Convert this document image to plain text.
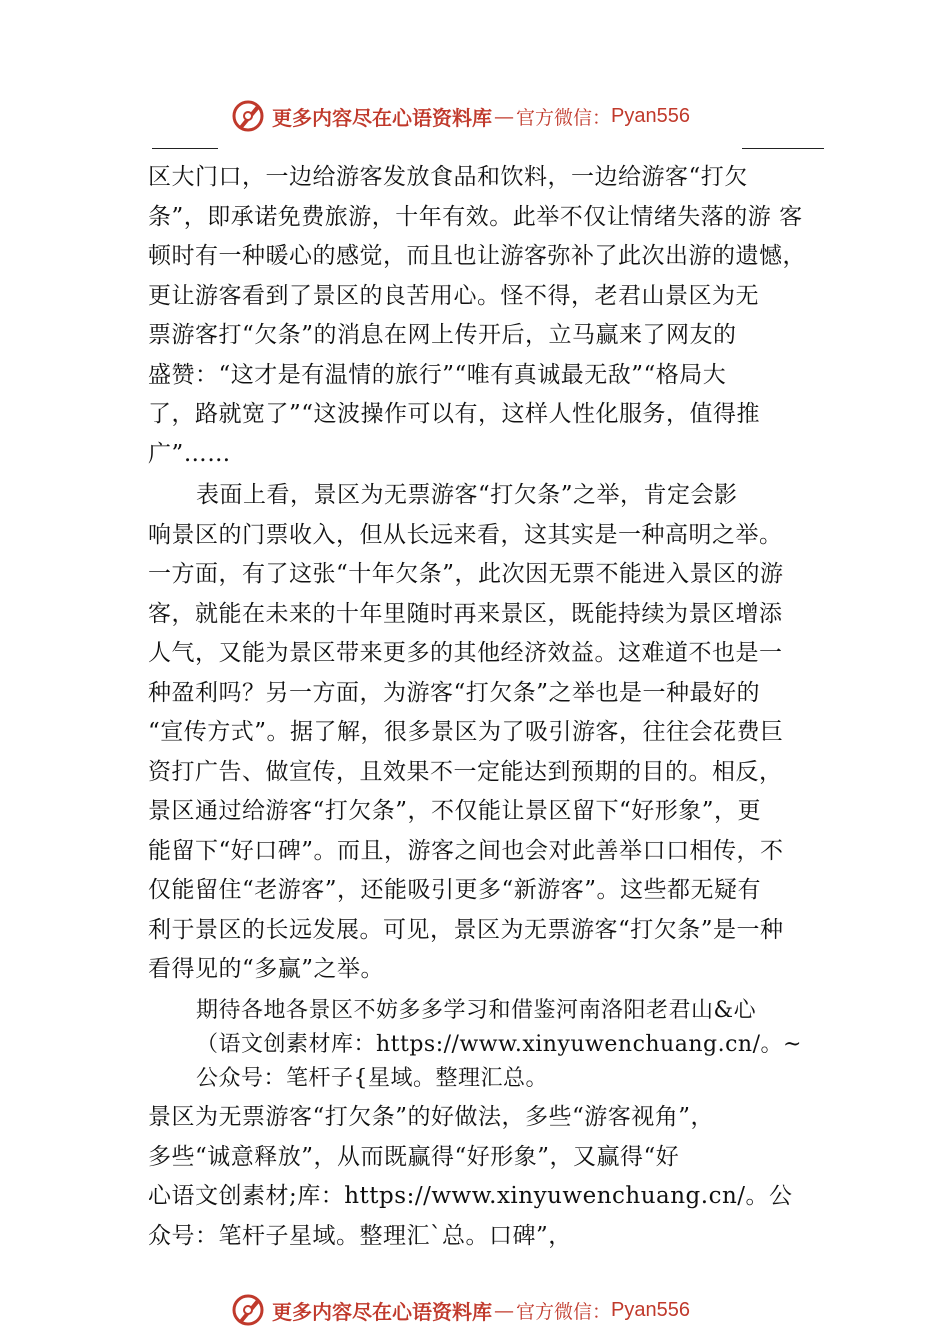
更多内容尽在心语资料库 — 官方微信： Pyan556
区大门口，一边给游客发放食品和饮料，一边给游客“打欠
条”，即承诺免费旅游，十年有效。此举不仅让情绪失落的游 客
顿时有一种暖心的感觉，而且也让游客弥补了此次出游的遗憾，
更让游客看到了景区的良苦用心。怪不得，老君山景区为无
票游客打“欠条”的消息在网上传开后，立马赢来了网友的
盛赞：“这才是有温情的旅行”“唯有真诚最无敌”“格局大
了，路就宽了”“这波操作可以有，这样人性化服务，值得推
广”……
表面上看，景区为无票游客“打欠条”之举，肯定会影
响景区的门票收入，但从长远来看，这其实是一种高明之举。
一方面，有了这张“十年欠条”，此次因无票不能进入景区的游
客，就能在未来的十年里随时再来景区，既能持续为景区增添
人气，又能为景区带来更多的其他经济效益。这难道不也是一
种盈利吗？另一方面，为游客“打欠条”之举也是一种最好的
“宣传方式”。据了解，很多景区为了吸引游客，往往会花费巨
资打广告、做宣传，且效果不一定能达到预期的目的。相反，
景区通过给游客“打欠条”，不仅能让景区留下“好形象”，更
能留下“好口碑”。而且，游客之间也会对此善举口口相传，不
仅能留住“老游客”，还能吸引更多“新游客”。这些都无疑有
利于景区的长远发展。可见，景区为无票游客“打欠条”是一种
看得见的“多赢”之举。
期待各地各景区不妨多多学习和借鉴河南洛阳老君山&心
（语文创素材库：https://www.xinyuwenchuang.cn/。~
公众号：笔杆子{星域。整理汇总。
景区为无票游客“打欠条”的好做法，多些“游客视角”，
多些“诚意释放”，从而既赢得“好形象”，又赢得“好
心语文创素材;库：https://www.xinyuwenchuang.cn/。公
众号：笔杆子星域。整理汇`总。口碑”，
更多内容尽在心语资料库 — 官方微信： Pyan556
